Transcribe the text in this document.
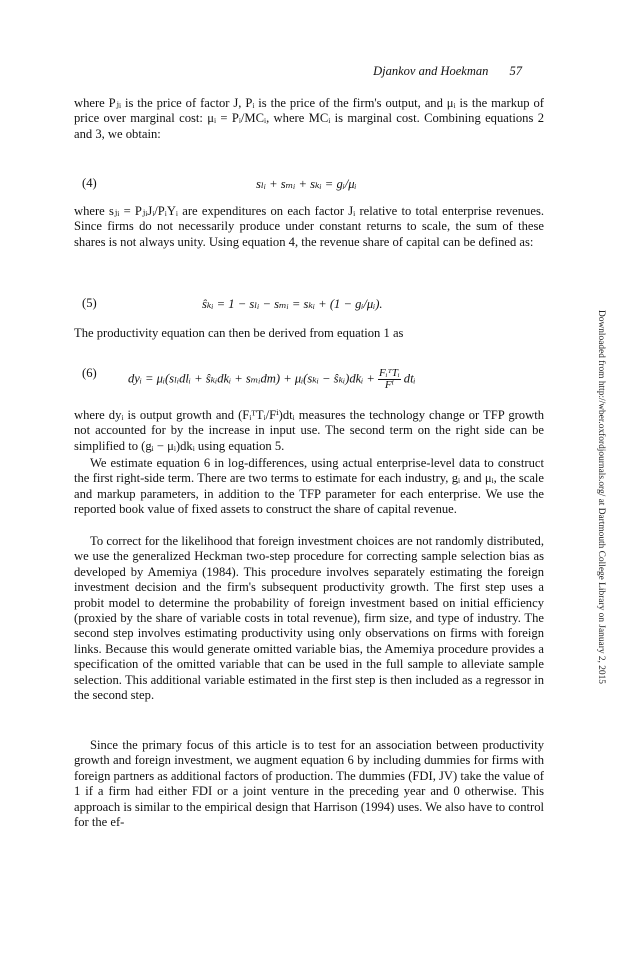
Djankov and Hoekman 57

where Pⱼᵢ is the price of factor J, Pᵢ is the price of the firm's output, and μᵢ is the markup of price over marginal cost: μᵢ = Pᵢ/MCᵢ, where MCᵢ is marginal cost. Combining equations 2 and 3, we obtain:

(4)	sₗᵢ + sₘᵢ + sₖᵢ = gᵢ/μᵢ

where sⱼᵢ = PⱼᵢJᵢ/PᵢYᵢ are expenditures on each factor Jᵢ relative to total enterprise revenues. Since firms do not necessarily produce under constant returns to scale, the sum of these shares is not always unity. Using equation 4, the revenue share of capital can be defined as:

(5)	ŝₖᵢ = 1 − sₗᵢ − sₘᵢ = sₖᵢ + (1 − gᵢ/μᵢ).

The productivity equation can then be derived from equation 1 as

(6) dyᵢ = μᵢ(sₗᵢdlᵢ + ŝₖᵢdkᵢ + sₘᵢdm) + μᵢ(sₖᵢ − ŝₖᵢ)dkᵢ + $\frac{\text{FᵢᵀTᵢ}}{\text{Fⁱ}}$ dtᵢ

where dyᵢ is output growth and (FᵢᵀTᵢ/Fⁱ)dtᵢ measures the technology change or TFP growth not accounted for by the increase in input use. The second term on the right side can be simplified to (gᵢ − μᵢ)dkᵢ using equation 5.

We estimate equation 6 in log-differences, using actual enterprise-level data to construct the first right-side term. There are two terms to estimate for each industry, gᵢ and μᵢ, the scale and markup parameters, in addition to the TFP parameter for each enterprise. We use the reported book value of fixed assets to construct the share of capital revenue.

To correct for the likelihood that foreign investment choices are not randomly distributed, we use the generalized Heckman two-step procedure for correcting sample selection bias as developed by Amemiya (1984). This procedure involves separately estimating the foreign investment decision and the firm's subsequent productivity growth. The first step uses a probit model to determine the probability of foreign investment based on initial efficiency (proxied by the share of variable costs in total revenue), firm size, and type of industry. The second step involves estimating productivity using only observations on firms with foreign links. Because this would generate omitted variable bias, the Amemiya procedure provides a specification of the omitted variable that can be used in the full sample to alleviate sample selection. This additional variable estimated in the first step is then included as a regressor in the second step.

Since the primary focus of this article is to test for an association between productivity growth and foreign investment, we augment equation 6 by including dummies for firms with foreign partners as additional factors of production. The dummies (FDI, JV) take the value of 1 if a firm had either FDI or a joint venture in the preceding year and 0 otherwise. This approach is similar to the empirical design that Harrison (1994) uses. We also have to control for the ef-

Downloaded from http://wber.oxfordjournals.org/ at Dartmouth College Library on January 2, 2015
